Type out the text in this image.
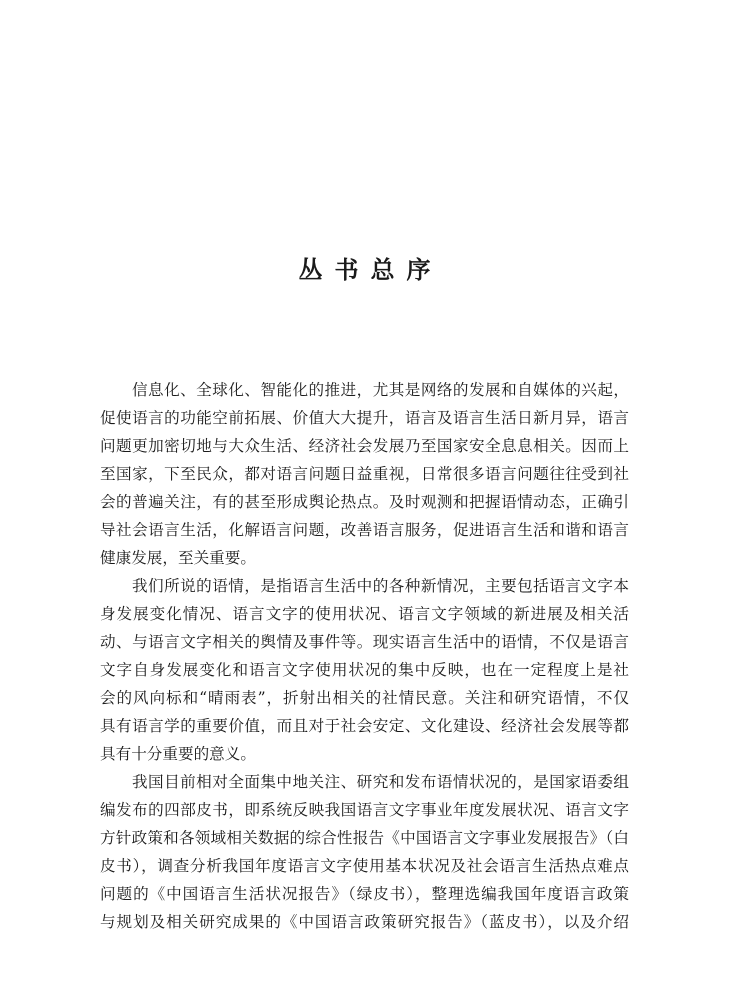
丛书总序
信息化、全球化、智能化的推进，尤其是网络的发展和自媒体的兴起，
促使语言的功能空前拓展、价值大大提升，语言及语言生活日新月异，语言
问题更加密切地与大众生活、经济社会发展乃至国家安全息息相关。因而上
至国家，下至民众，都对语言问题日益重视，日常很多语言问题往往受到社
会的普遍关注，有的甚至形成舆论热点。及时观测和把握语情动态，正确引
导社会语言生活，化解语言问题，改善语言服务，促进语言生活和谐和语言
健康发展，至关重要。
我们所说的语情，是指语言生活中的各种新情况，主要包括语言文字本
身发展变化情况、语言文字的使用状况、语言文字领域的新进展及相关活
动、与语言文字相关的舆情及事件等。现实语言生活中的语情，不仅是语言
文字自身发展变化和语言文字使用状况的集中反映，也在一定程度上是社
会的风向标和“晴雨表”，折射出相关的社情民意。关注和研究语情，不仅
具有语言学的重要价值，而且对于社会安定、文化建设、经济社会发展等都
具有十分重要的意义。
我国目前相对全面集中地关注、研究和发布语情状况的，是国家语委组
编发布的四部皮书，即系统反映我国语言文字事业年度发展状况、语言文字
方针政策和各领域相关数据的综合性报告《中国语言文字事业发展报告》（白
皮书），调查分析我国年度语言文字使用基本状况及社会语言生活热点难点
问题的《中国语言生活状况报告》（绿皮书），整理选编我国年度语言政策
与规划及相关研究成果的《中国语言政策研究报告》（蓝皮书），以及介绍
